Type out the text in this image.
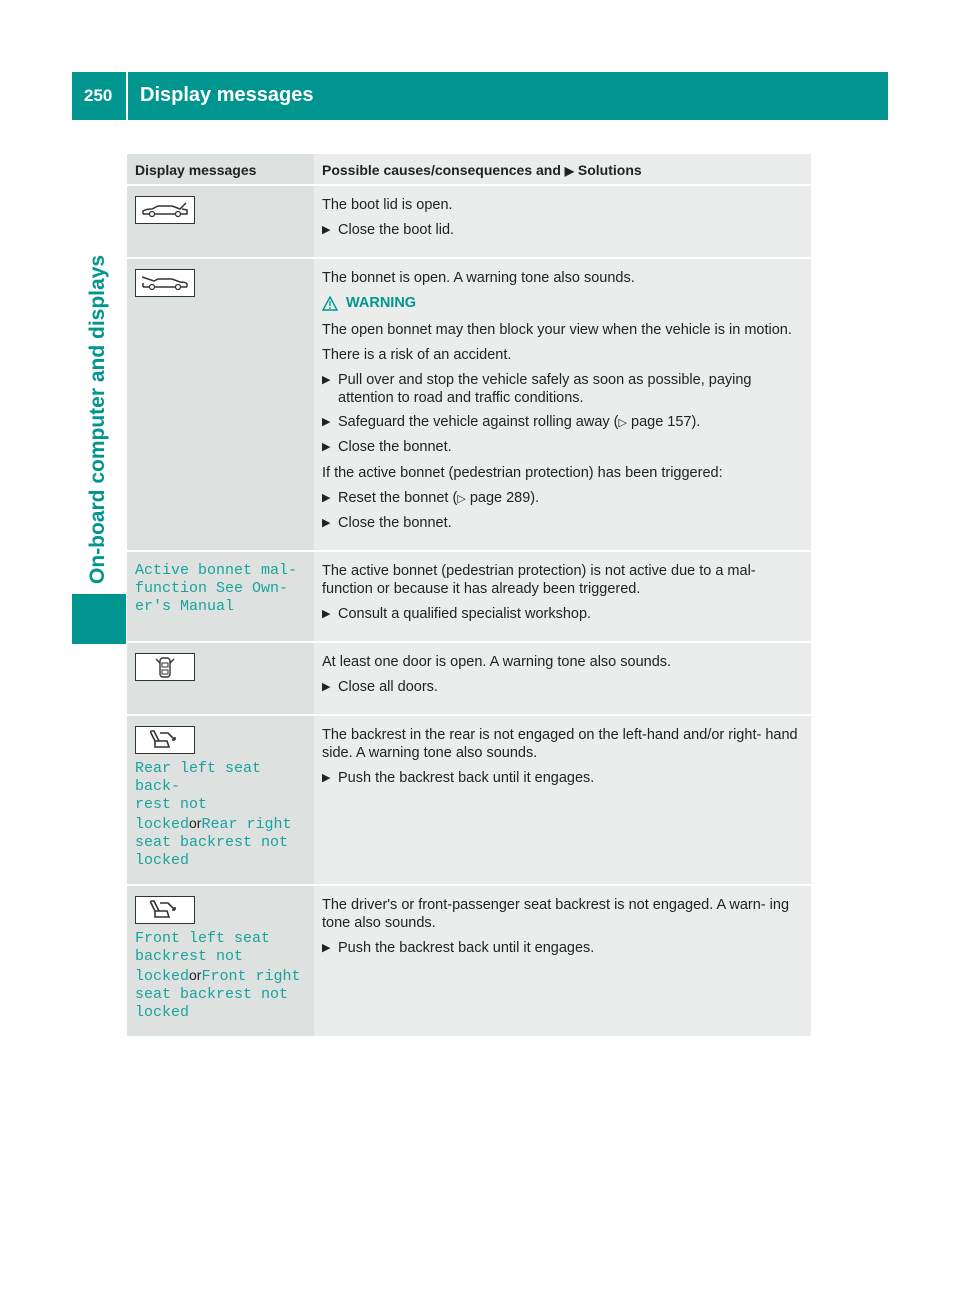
250 Display messages
On-board computer and displays
Display messages	Possible causes/consequences and ▶ Solutions

The boot lid is open.

▶ Close the boot lid.

The bonnet is open. A warning tone also sounds.

WARNING

The open bonnet may then block your view when the vehicle is in motion.

There is a risk of an accident.

▶ Pull over and stop the vehicle safely as soon as possible, paying attention to road and traffic conditions.
▶ Safeguard the vehicle against rolling away (▷ page 157).
▶ Close the bonnet.

If the active bonnet (pedestrian protection) has been triggered:

▶ Reset the bonnet (▷ page 289).
▶ Close the bonnet.
Active bonnet mal‐
function See Own‐
er's Manual

The active bonnet (pedestrian protection) is not active due to a mal- function or because it has already been triggered.

▶ Consult a qualified specialist workshop.

At least one door is open. A warning tone also sounds.

▶ Close all doors.
Rear left seat back‐
rest not
lockedorRear right
seat backrest not
locked

The backrest in the rear is not engaged on the left-hand and/or right- hand side. A warning tone also sounds.

▶ Push the backrest back until it engages.
Front left seat
backrest not
lockedorFront right
seat backrest not
locked

The driver's or front-passenger seat backrest is not engaged. A warn- ing tone also sounds.

▶ Push the backrest back until it engages.
